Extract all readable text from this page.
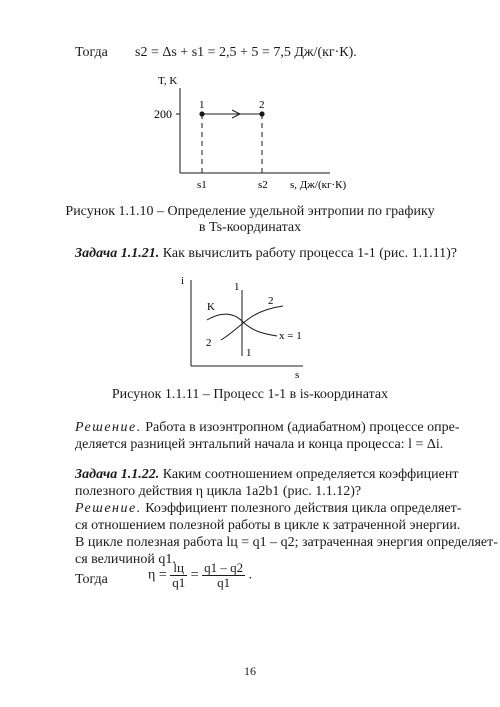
Тогда s2 = Δs + s1 = 2,5 + 5 = 7,5 Дж/(кг·К).
T, K
200
1	2
s1	s2 s, Дж/(кг·К)
Рисунок 1.1.10 – Определение удельной энтропии по графику
в Ts-координатах
Задача 1.1.21. Как вычислить работу процесса 1-1 (рис. 1.1.11)?
i
s
K
1
1
2
2
x = 1
Рисунок 1.1.11 – Процесс 1-1 в is-координатах
Решение. Работа в изоэнтропном (адиабатном) процессе опре-
деляется разницей энтальпий начала и конца процесса: l = Δi.
Задача 1.1.22. Каким соотношением определяется коэффициент
полезного действия η цикла 1a2b1 (рис. 1.1.12)?
Решение. Коэффициент полезного действия цикла определяет-
ся отношением полезной работы в цикле к затраченной энергии.
В цикле полезная работа lц = q1 – q2; затраченная энергия определяет-
ся величиной q1.
Тогда	$\eta = \frac{lц}{q1} = \frac{q1 - q2}{q1}$ .
16
